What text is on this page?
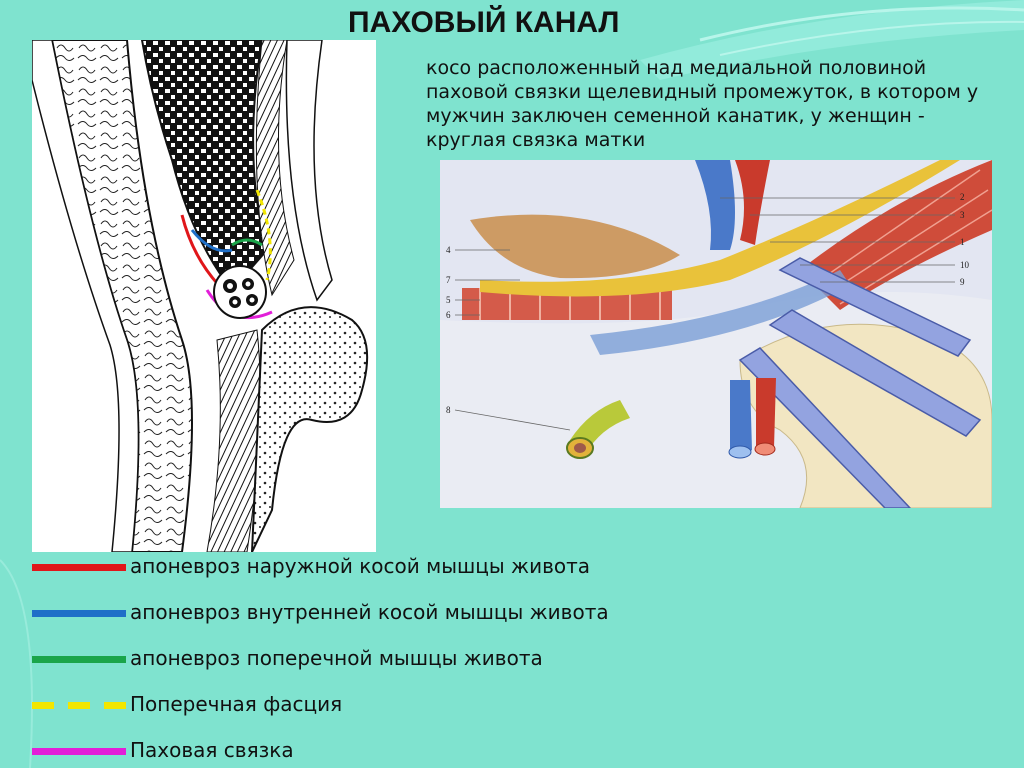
ПАХОВЫЙ КАНАЛ
косо расположенный над медиальной половиной паховой связки щелевидный промежуток, в котором у мужчин заключен семенной канатик, у женщин - круглая связка матки
2
3
1
10
9
4
7
5
6
8
апоневроз наружной косой мышцы живота
апоневроз внутренней косой мышцы живота
апоневроз поперечной мышцы живота
Поперечная фасция
Паховая связка
